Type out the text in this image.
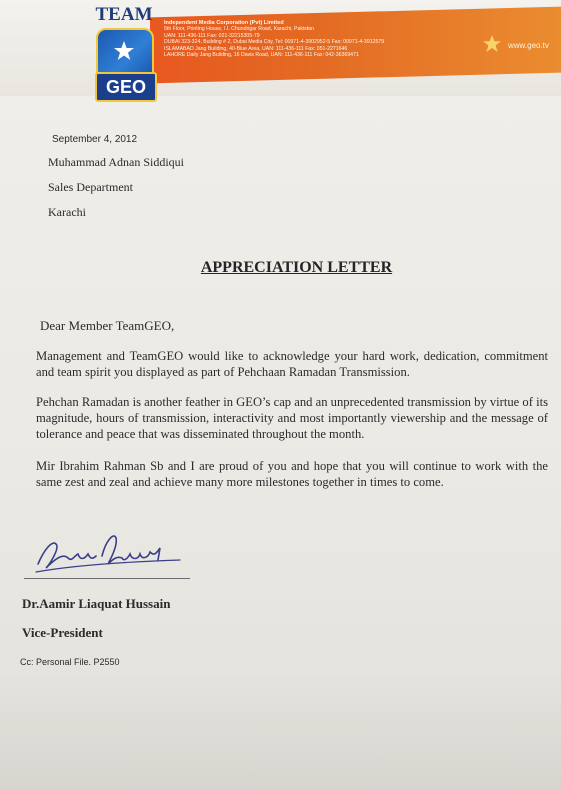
TEAM
GEO
Independent Media Corporation (Pvt) Limited
5th Floor, Printing House, I.I. Chundrigar Road, Karachi, Pakistan
UAN: 111-436-111 Fax: 021-32215305-79
DUBAI 323-324, Building # 2, Dubai Media City, Tel: 00971-4-3902952-5 Fax: 00971-4-3912579
ISLAMABAD Jang Building, 40-Blue Area, UAN: 111-436-111 Fax: 051-2271646
LAHORE Daily Jang Building, 16 Davis Road, UAN: 111-436-111 Fax: 042-36369471
www.geo.tv
September 4, 2012
Muhammad Adnan Siddiqui
Sales Department
Karachi
APPRECIATION LETTER
Dear Member TeamGEO,
Management and TeamGEO would like to acknowledge your hard work, dedication, commitment and team spirit you displayed as part of Pehchaan Ramadan Transmission.
Pehchan Ramadan is another feather in GEO’s cap and an unprecedented transmission by virtue of its magnitude, hours of transmission, interactivity and most importantly viewership and the message of tolerance and peace that was disseminated throughout the month.
Mir Ibrahim Rahman Sb and I are proud of you and hope that you will continue to work with the same zest and zeal and achieve many more milestones together in times to come.
Dr.Aamir Liaquat Hussain
Vice-President
Cc: Personal File. P2550
